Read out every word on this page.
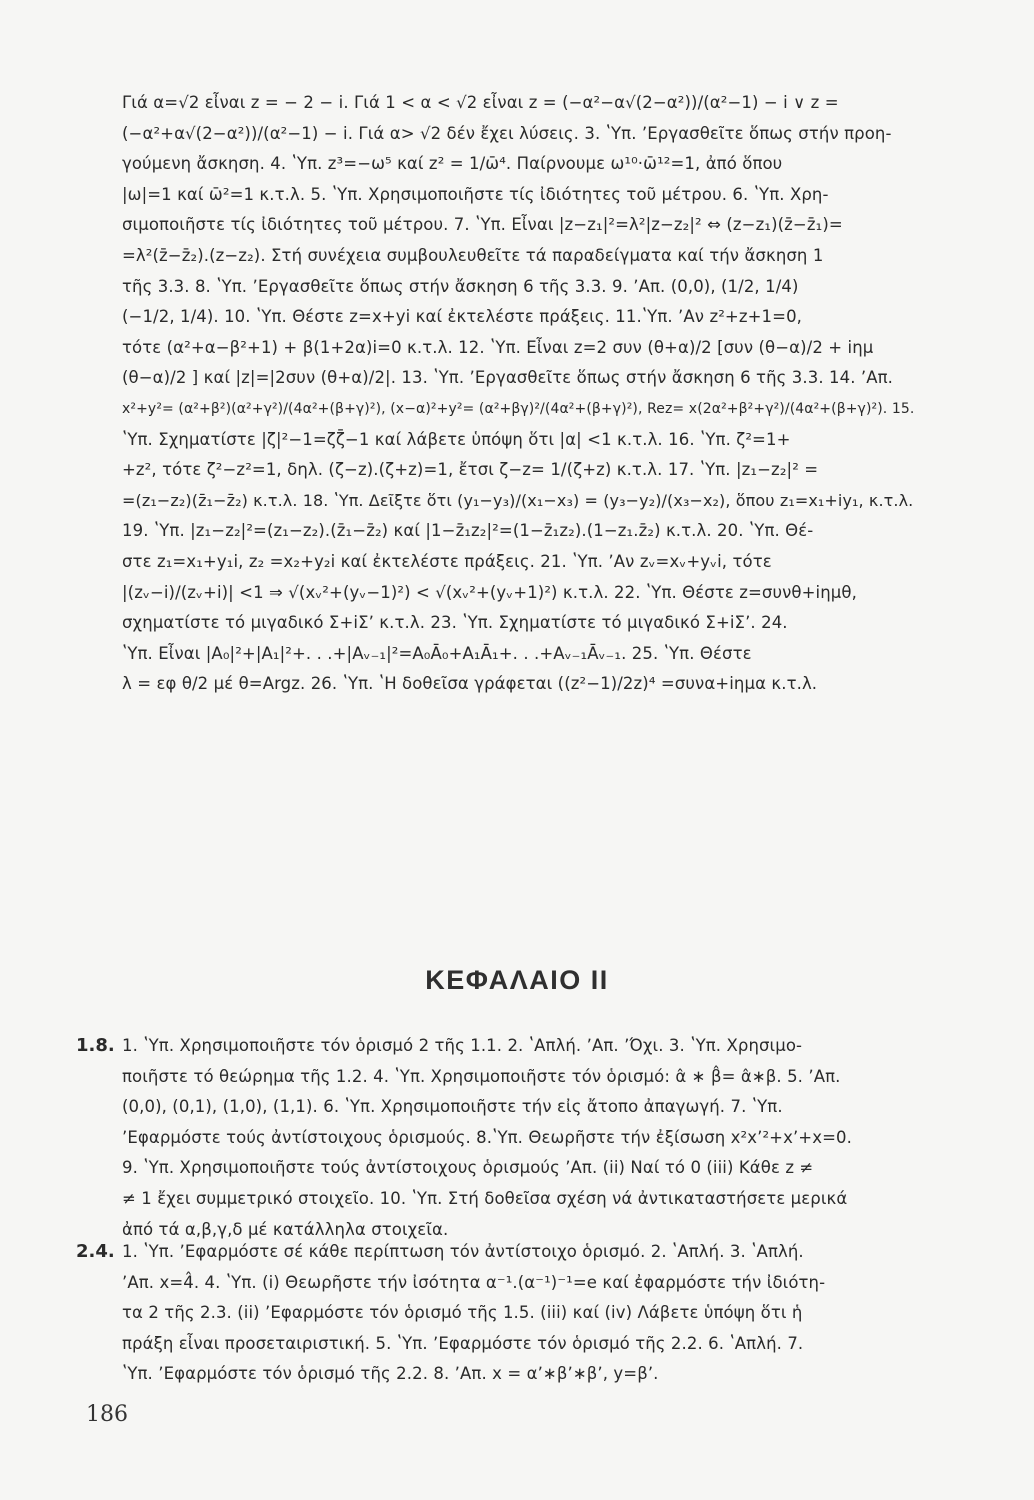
Γιά α=√2 εἶναι z = − 2 − i. Γιά 1 < α < √2 εἶναι z = (−α²−α√(2−α²))/(α²−1) − i ∨ z =
(−α²+α√(2−α²))/(α²−1) − i. Γιά α> √2 δέν ἔχει λύσεις. 3. ʽΥπ. ʼΕργασθεῖτε ὅπως στήν προη-
γούμενη ἄσκηση. 4. ʽΥπ. z³=−ω⁵ καί z² = 1/ω̄⁴. Παίρνουμε ω¹⁰·ω̄¹²=1, ἀπό ὅπου
|ω|=1 καί ω̄²=1 κ.τ.λ. 5. ʽΥπ. Χρησιμοποιῆστε τίς ἰδιότητες τοῦ μέτρου. 6. ʽΥπ. Χρη-
σιμοποιῆστε τίς ἰδιότητες τοῦ μέτρου. 7. ʽΥπ. Εἶναι |z−z₁|²=λ²|z−z₂|² ⇔ (z−z₁)(z̄−z̄₁)=
=λ²(z̄−z̄₂).(z−z₂). Στή συνέχεια συμβουλευθεῖτε τά παραδείγματα καί τήν ἄσκηση 1
τῆς 3.3. 8. ʽΥπ. ʼΕργασθεῖτε ὅπως στήν ἄσκηση 6 τῆς 3.3. 9. ʼΑπ. (0,0), (1/2, 1/4)
(−1/2, 1/4). 10. ʽΥπ. Θέστε z=x+yi καί ἐκτελέστε πράξεις. 11.ʽΥπ. ʼΑν z²+z+1=0,
τότε (α²+α−β²+1) + β(1+2α)i=0 κ.τ.λ. 12. ʽΥπ. Εἶναι z=2 συν (θ+α)/2 [συν (θ−α)/2 + iημ
(θ−α)/2 ] καί |z|=|2συν (θ+α)/2|. 13. ʽΥπ. ʼΕργασθεῖτε ὅπως στήν ἄσκηση 6 τῆς 3.3. 14. ʼΑπ.
x²+y²= (α²+β²)(α²+γ²)/(4α²+(β+γ)²), (x−α)²+y²= (α²+βγ)²/(4α²+(β+γ)²), Rez= x(2α²+β²+γ²)/(4α²+(β+γ)²). 15.
ʽΥπ. Σχηματίστε |ζ|²−1=ζζ̄−1 καί λάβετε ὑπόψη ὅτι |α| <1 κ.τ.λ. 16. ʽΥπ. ζ²=1+
+z², τότε ζ²−z²=1, δηλ. (ζ−z).(ζ+z)=1, ἔτσι ζ−z= 1/(ζ+z) κ.τ.λ. 17. ʽΥπ. |z₁−z₂|² =
=(z₁−z₂)(z̄₁−z̄₂) κ.τ.λ. 18. ʽΥπ. Δεῖξτε ὅτι (y₁−y₃)/(x₁−x₃) = (y₃−y₂)/(x₃−x₂), ὅπου z₁=x₁+iy₁, κ.τ.λ.
19. ʽΥπ. |z₁−z₂|²=(z₁−z₂).(z̄₁−z̄₂) καί |1−z̄₁z₂|²=(1−z̄₁z₂).(1−z₁.z̄₂) κ.τ.λ. 20. ʽΥπ. Θέ-
στε z₁=x₁+y₁i, z₂ =x₂+y₂i καί ἐκτελέστε πράξεις. 21. ʽΥπ. ʼΑν zᵥ=xᵥ+yᵥi, τότε
|(zᵥ−i)/(zᵥ+i)| <1 ⇒ √(xᵥ²+(yᵥ−1)²) < √(xᵥ²+(yᵥ+1)²) κ.τ.λ. 22. ʽΥπ. Θέστε z=συνθ+iημθ,
σχηματίστε τό μιγαδικό Σ+iΣʼ κ.τ.λ. 23. ʽΥπ. Σχηματίστε τό μιγαδικό Σ+iΣʼ. 24.
ʽΥπ. Εἶναι |A₀|²+|A₁|²+. . .+|Aᵥ₋₁|²=A₀Ā₀+A₁Ā₁+. . .+Aᵥ₋₁Āᵥ₋₁. 25. ʽΥπ. Θέστε
λ = εφ θ/2 μέ θ=Argz. 26. ʽΥπ. ʽΗ δοθεῖσα γράφεται ((z²−1)/2z)⁴ =συνα+iημα κ.τ.λ.
ΚΕΦΑΛΑΙΟ ΙΙ
1.8. 1. ʽΥπ. Χρησιμοποιῆστε τόν ὁρισμό 2 τῆς 1.1. 2. ʽΑπλή. ʼΑπ. ʼΌχι. 3. ʽΥπ. Χρησιμο-
ποιῆστε τό θεώρημα τῆς 1.2. 4. ʽΥπ. Χρησιμοποιῆστε τόν ὁρισμό: α̂ ∗ β̂= α̂∗β. 5. ʼΑπ.
(0,0), (0,1), (1,0), (1,1). 6. ʽΥπ. Χρησιμοποιῆστε τήν εἰς ἄτοπο ἀπαγωγή. 7. ʽΥπ.
ʼΕφαρμόστε τούς ἀντίστοιχους ὁρισμούς. 8.ʽΥπ. Θεωρῆστε τήν ἐξίσωση x²xʼ²+xʼ+x=0.
9. ʽΥπ. Χρησιμοποιῆστε τούς ἀντίστοιχους ὁρισμούς ʼΑπ. (ii) Ναί τό 0 (iii) Κάθε z ≠
≠ 1 ἔχει συμμετρικό στοιχεῖο. 10. ʽΥπ. Στή δοθεῖσα σχέση νά ἀντικαταστήσετε μερικά
ἀπό τά α,β,γ,δ μέ κατάλληλα στοιχεῖα.
2.4. 1. ʽΥπ. ʼΕφαρμόστε σέ κάθε περίπτωση τόν ἀντίστοιχο ὁρισμό. 2. ʽΑπλή. 3. ʽΑπλή.
ʼΑπ. x=4̂. 4. ʽΥπ. (i) Θεωρῆστε τήν ἰσότητα α⁻¹.(α⁻¹)⁻¹=e καί ἐφαρμόστε τήν ἰδιότη-
τα 2 τῆς 2.3. (ii) ʼΕφαρμόστε τόν ὁρισμό τῆς 1.5. (iii) καί (iv) Λάβετε ὑπόψη ὅτι ἡ
πράξη εἶναι προσεταιριστική. 5. ʽΥπ. ʼΕφαρμόστε τόν ὁρισμό τῆς 2.2. 6. ʽΑπλή. 7.
ʽΥπ. ʼΕφαρμόστε τόν ὁρισμό τῆς 2.2. 8. ʼΑπ. x = αʼ∗βʼ∗βʼ, y=βʼ.
186
